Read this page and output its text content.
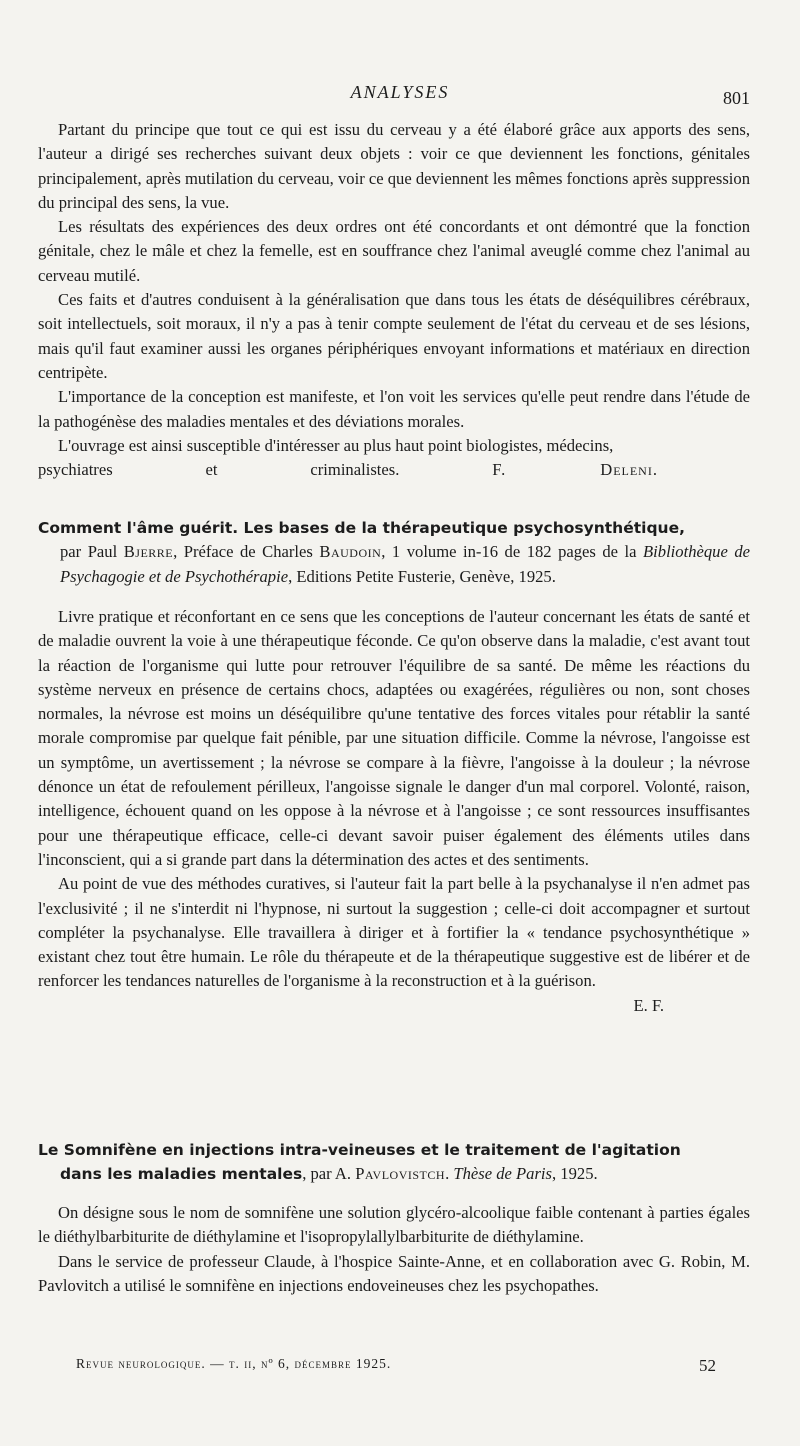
ANALYSES	801

Partant du principe que tout ce qui est issu du cerveau y a été élaboré grâce aux apports des sens, l'auteur a dirigé ses recherches suivant deux objets : voir ce que deviennent les fonctions, génitales principalement, après mutilation du cerveau, voir ce que deviennent les mêmes fonctions après suppression du principal des sens, la vue.

Les résultats des expériences des deux ordres ont été concordants et ont démontré que la fonction génitale, chez le mâle et chez la femelle, est en souffrance chez l'animal aveuglé comme chez l'animal au cerveau mutilé.

Ces faits et d'autres conduisent à la généralisation que dans tous les états de déséquilibres cérébraux, soit intellectuels, soit moraux, il n'y a pas à tenir compte seulement de l'état du cerveau et de ses lésions, mais qu'il faut examiner aussi les organes périphériques envoyant informations et matériaux en direction centripète.

L'importance de la conception est manifeste, et l'on voit les services qu'elle peut rendre dans l'étude de la pathogénèse des maladies mentales et des déviations morales.

L'ouvrage est ainsi susceptible d'intéresser au plus haut point biologistes, médecins,

psychiatres et criminalistes.	F. Deleni.

Comment l'âme guérit. Les bases de la thérapeutique psychosynthétique,
par Paul Bjerre, Préface de Charles Baudoin, 1 volume in-16 de 182 pages de la Bibliothèque de Psychagogie et de Psychothérapie, Editions Petite Fusterie, Genève, 1925.

Livre pratique et réconfortant en ce sens que les conceptions de l'auteur concernant les états de santé et de maladie ouvrent la voie à une thérapeutique féconde. Ce qu'on observe dans la maladie, c'est avant tout la réaction de l'organisme qui lutte pour retrouver l'équilibre de sa santé. De même les réactions du système nerveux en présence de certains chocs, adaptées ou exagérées, régulières ou non, sont choses normales, la névrose est moins un déséquilibre qu'une tentative des forces vitales pour rétablir la santé morale compromise par quelque fait pénible, par une situation difficile. Comme la névrose, l'angoisse est un symptôme, un avertissement ; la névrose se compare à la fièvre, l'angoisse à la douleur ; la névrose dénonce un état de refoulement périlleux, l'angoisse signale le danger d'un mal corporel. Volonté, raison, intelligence, échouent quand on les oppose à la névrose et à l'angoisse ; ce sont ressources insuffisantes pour une thérapeutique efficace, celle-ci devant savoir puiser également des éléments utiles dans l'inconscient, qui a si grande part dans la détermination des actes et des sentiments.

Au point de vue des méthodes curatives, si l'auteur fait la part belle à la psychanalyse il n'en admet pas l'exclusivité ; il ne s'interdit ni l'hypnose, ni surtout la suggestion ; celle-ci doit accompagner et surtout compléter la psychanalyse. Elle travaillera à diriger et à fortifier la « tendance psychosynthétique » existant chez tout être humain. Le rôle du thérapeute et de la thérapeutique suggestive est de libérer et de renforcer les tendances naturelles de l'organisme à la reconstruction et à la guérison.

E. F.

Le Somnifène en injections intra-veineuses et le traitement de l'agitation
dans les maladies mentales, par A. Pavlovistch. Thèse de Paris, 1925.

On désigne sous le nom de somnifène une solution glycéro-alcoolique faible contenant à parties égales le diéthylbarbiturite de diéthylamine et l'isopropylallylbarbiturite de diéthylamine.

Dans le service de professeur Claude, à l'hospice Sainte-Anne, et en collaboration avec G. Robin, M. Pavlovitch a utilisé le somnifène en injections endoveineuses chez les psychopathes.

Revue neurologique. — t. ii, nº 6, décembre 1925.	52
